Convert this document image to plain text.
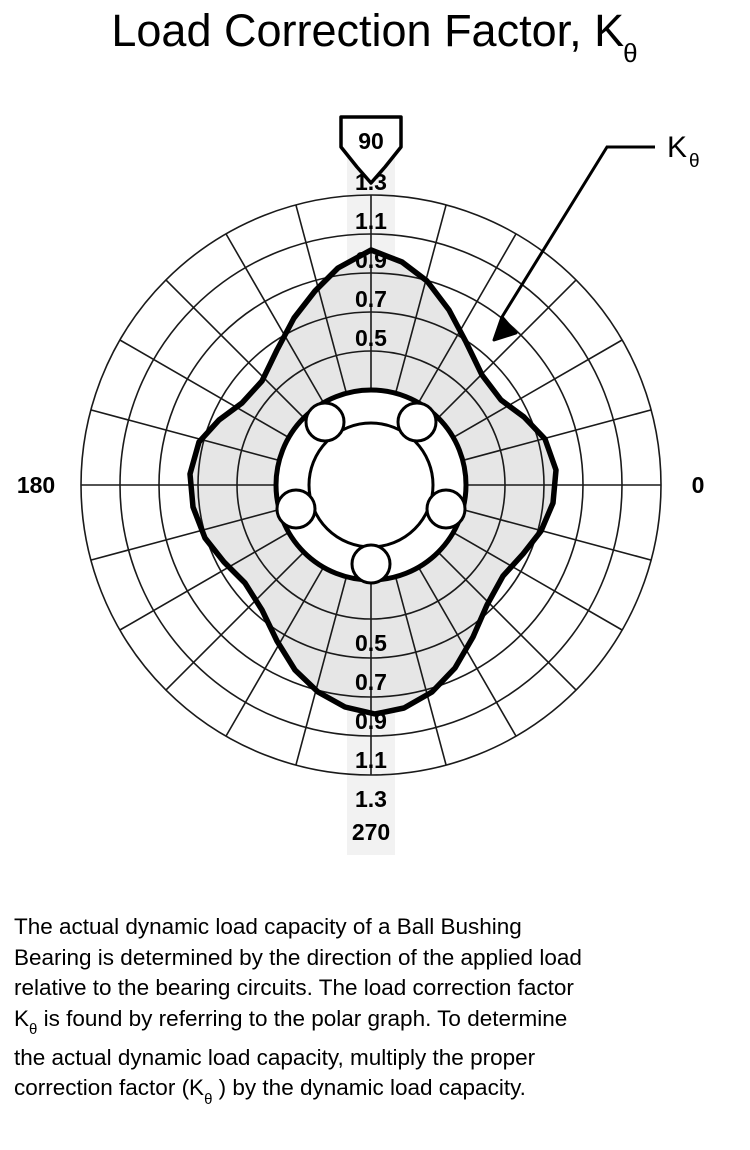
Load Correction Factor, $K_\theta$
90
1.3
1.1
0.9
0.7
0.5
0.5
0.7
0.9
1.1
1.3
0
180
270
K θ
The actual dynamic load capacity of a Ball Bushing
Bearing is determined by the direction of the applied load
relative to the bearing circuits. The load correction factor
$K_\theta$ is found by referring to the polar graph. To determine
the actual dynamic load capacity, multiply the proper
correction factor ($K_\theta$ ) by the dynamic load capacity.
